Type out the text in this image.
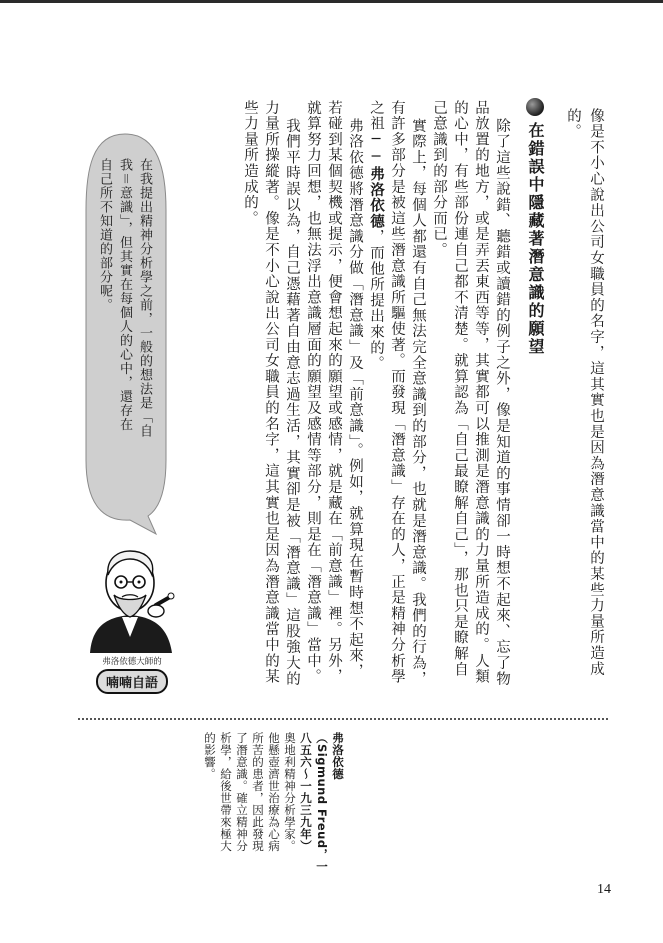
像是不小心說出公司女職員的名字，這其實也是因為潛意識當中的某些力量所造成
的。
在錯誤中隱藏著潛意識的願望
除了這些說錯、聽錯或讀錯的例子之外，像是知道的事情卻一時想不起來、忘了物
品放置的地方，或是弄丟東西等等，其實都可以推測是潛意識的力量所造成的。人類
的心中，有些部份連自己都不清楚。就算認為「自己最瞭解自己」，那也只是瞭解自
己意識到的部分而已。
實際上，每個人都還有自己無法完全意識到的部分，也就是潛意識。我們的行為，
有許多部分是被這些潛意識所驅使著。而發現「潛意識」存在的人，正是精神分析學
之祖──弗洛依德，而他所提出來的。
弗洛依德將潛意識分做「潛意識」及「前意識」。例如，就算現在暫時想不起來，
若碰到某個契機或提示，便會想起來的願望或感情，就是藏在「前意識」裡。另外，
就算努力回想，也無法浮出意識層面的願望及感情等部分，則是在「潛意識」當中。
我們平時誤以為，自己憑藉著自由意志過生活，其實卻是被「潛意識」這股強大的
力量所操縱著。像是不小心說出公司女職員的名字，這其實也是因為潛意識當中的某
些力量所造成的。
在我提出精神分析學之前，一般的想法是「自
我＝意識」，但其實在每個人的心中，還存在
自己所不知道的部分呢。
弗洛依德大師的
喃喃自語
弗洛依德
（Sigmund Freud，一
八五六～一九三九年）
奧地利精神分析學家。
他懸壺濟世治療為心病
所苦的患者，因此發現
了潛意識。確立精神分
析學，給後世帶來極大
的影響。
14
